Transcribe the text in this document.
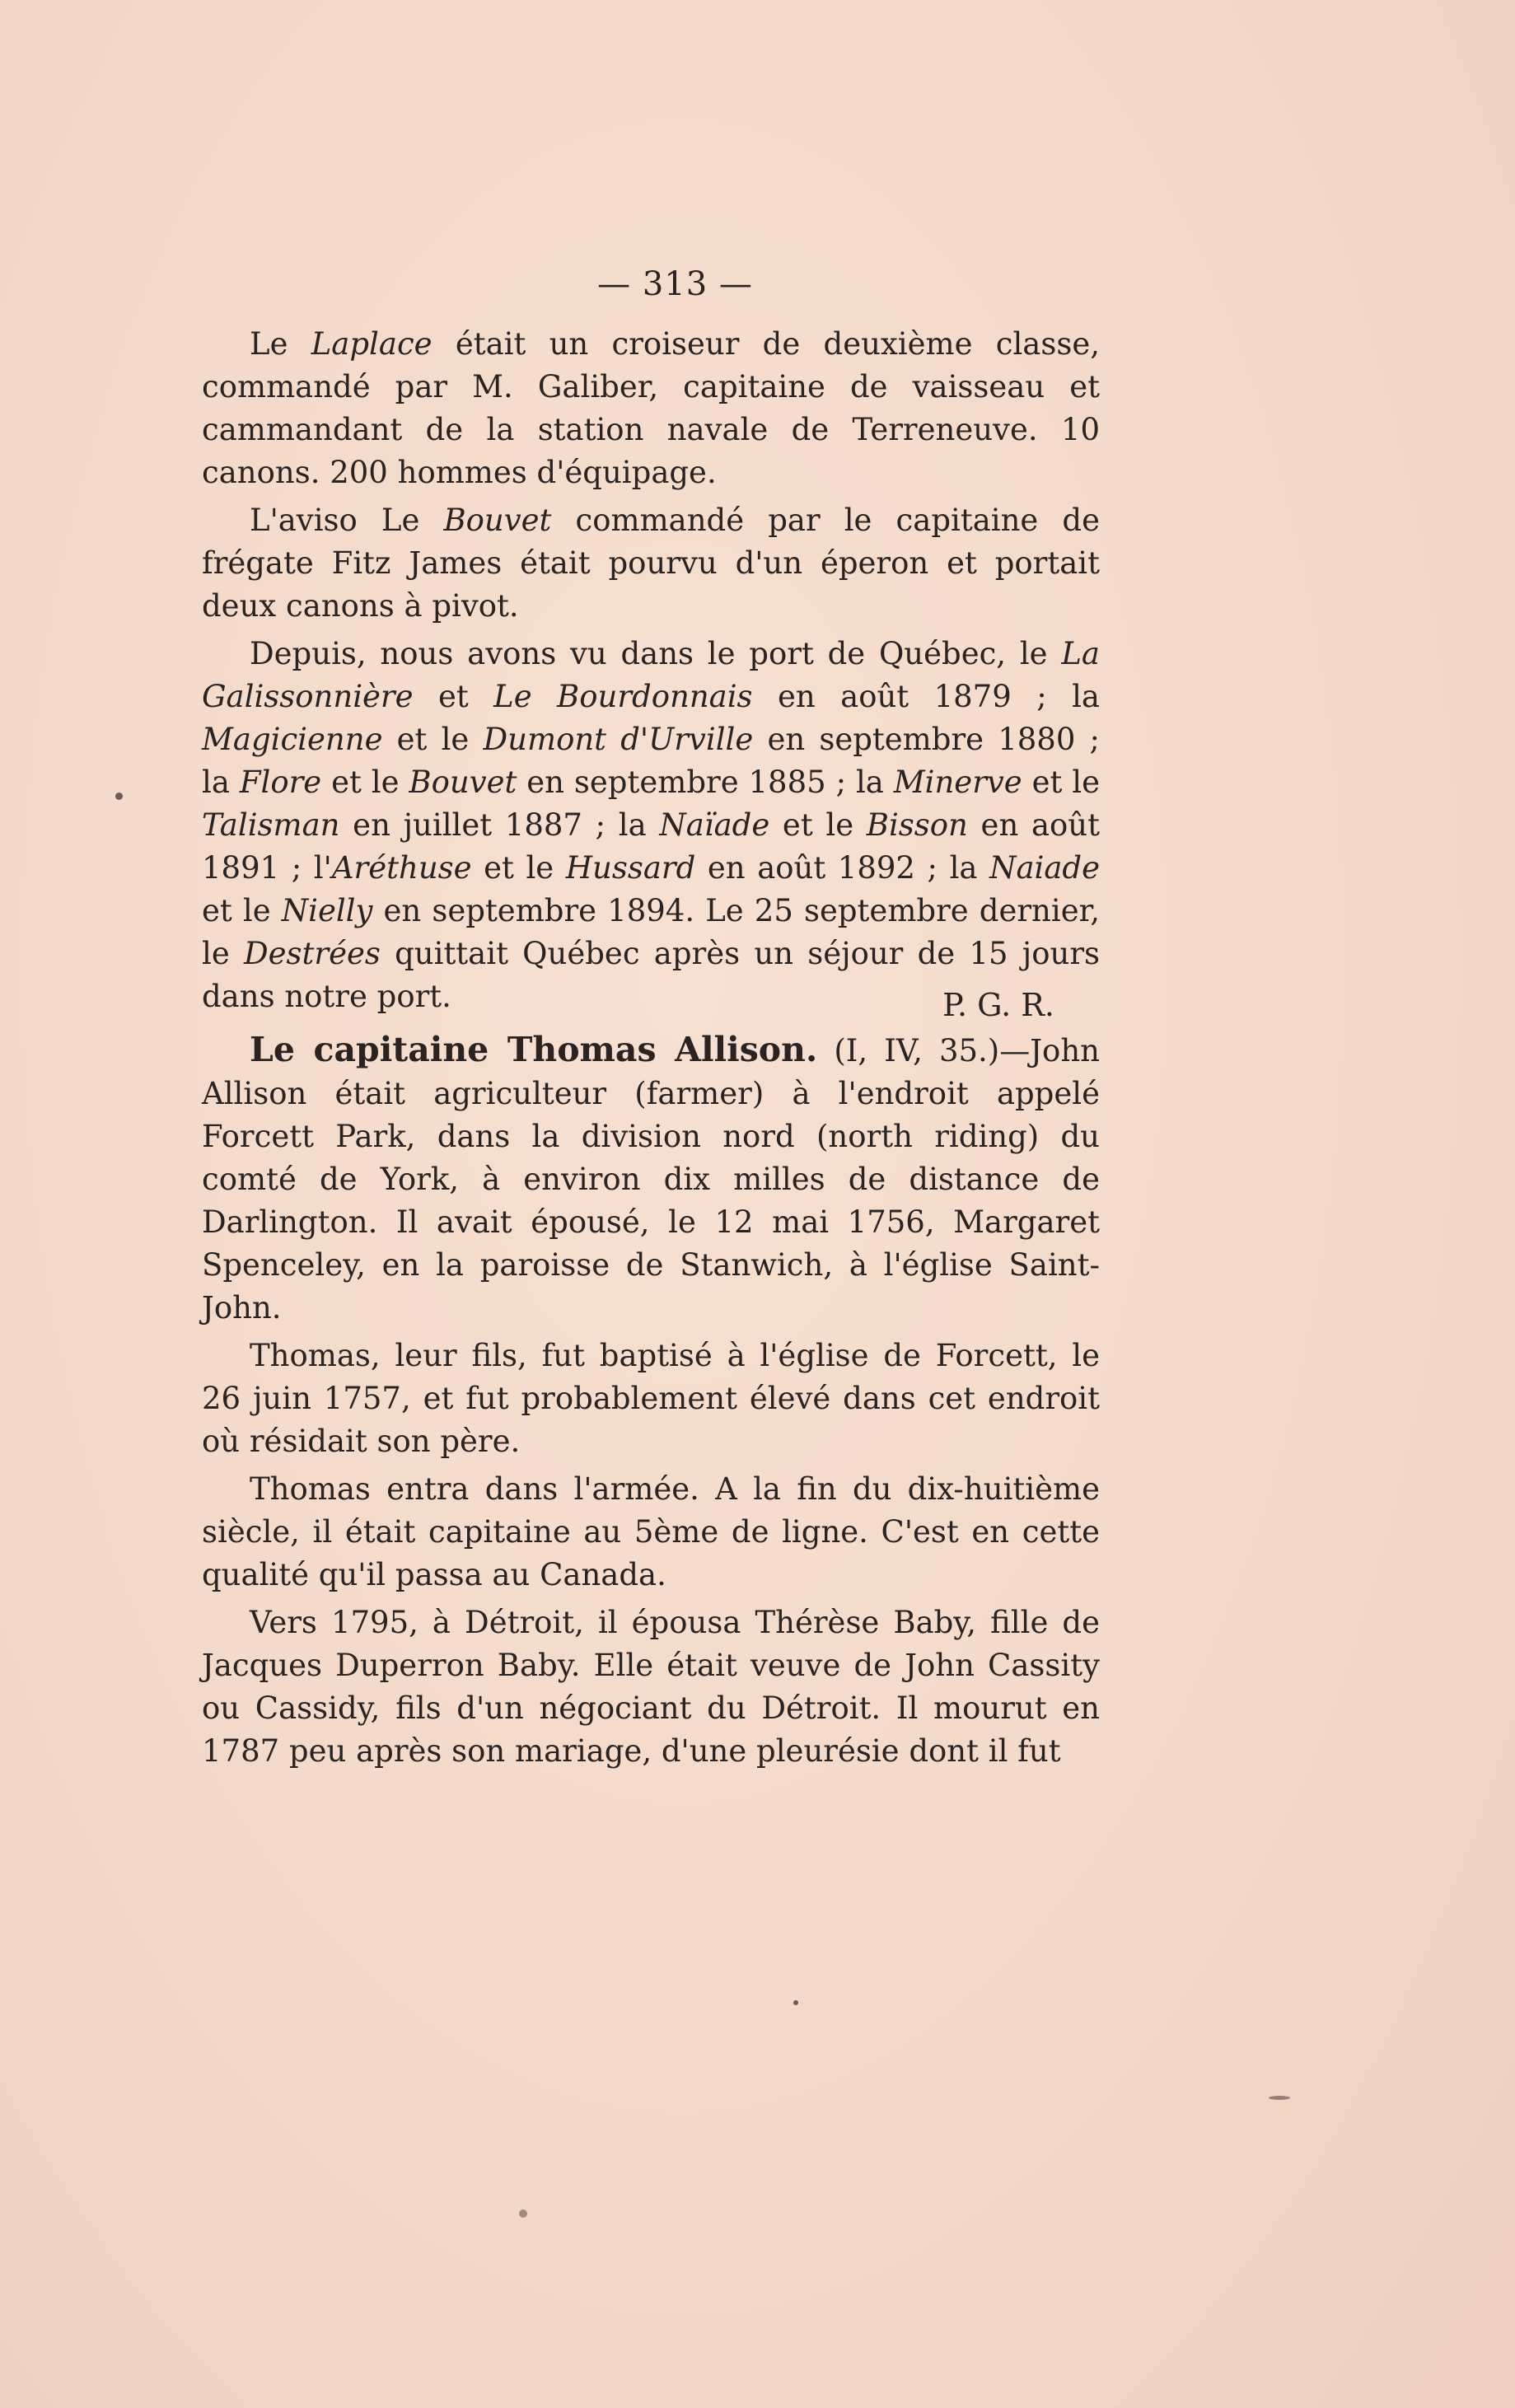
— 313 —

Le Laplace était un croiseur de deuxième classe, commandé par M. Galiber, capitaine de vaisseau et cammandant de la station navale de Terreneuve. 10 canons. 200 hommes d'équipage.

L'aviso Le Bouvet commandé par le capitaine de frégate Fitz James était pourvu d'un éperon et portait deux canons à pivot.

Depuis, nous avons vu dans le port de Québec, le La Galissonnière et Le Bourdonnais en août 1879 ; la Magicienne et le Dumont d'Urville en septembre 1880 ; la Flore et le Bouvet en septembre 1885 ; la Minerve et le Talisman en juillet 1887 ; la Naïade et le Bisson en août 1891 ; l'Aréthuse et le Hussard en août 1892 ; la Naiade et le Nielly en septembre 1894. Le 25 septembre dernier, le Destrées quittait Québec après un séjour de 15 jours dans notre port.	P. G. R.

Le capitaine Thomas Allison. (I, IV, 35.)—John Allison était agriculteur (farmer) à l'endroit appelé Forcett Park, dans la division nord (north riding) du comté de York, à environ dix milles de distance de Darlington. Il avait épousé, le 12 mai 1756, Margaret Spenceley, en la paroisse de Stanwich, à l'église Saint-John.

Thomas, leur fils, fut baptisé à l'église de Forcett, le 26 juin 1757, et fut probablement élevé dans cet endroit où résidait son père.

Thomas entra dans l'armée. A la fin du dix-huitième siècle, il était capitaine au 5ème de ligne. C'est en cette qualité qu'il passa au Canada.

Vers 1795, à Détroit, il épousa Thérèse Baby, fille de Jacques Duperron Baby. Elle était veuve de John Cassity ou Cassidy, fils d'un négociant du Détroit. Il mourut en 1787 peu après son mariage, d'une pleurésie dont il fut
